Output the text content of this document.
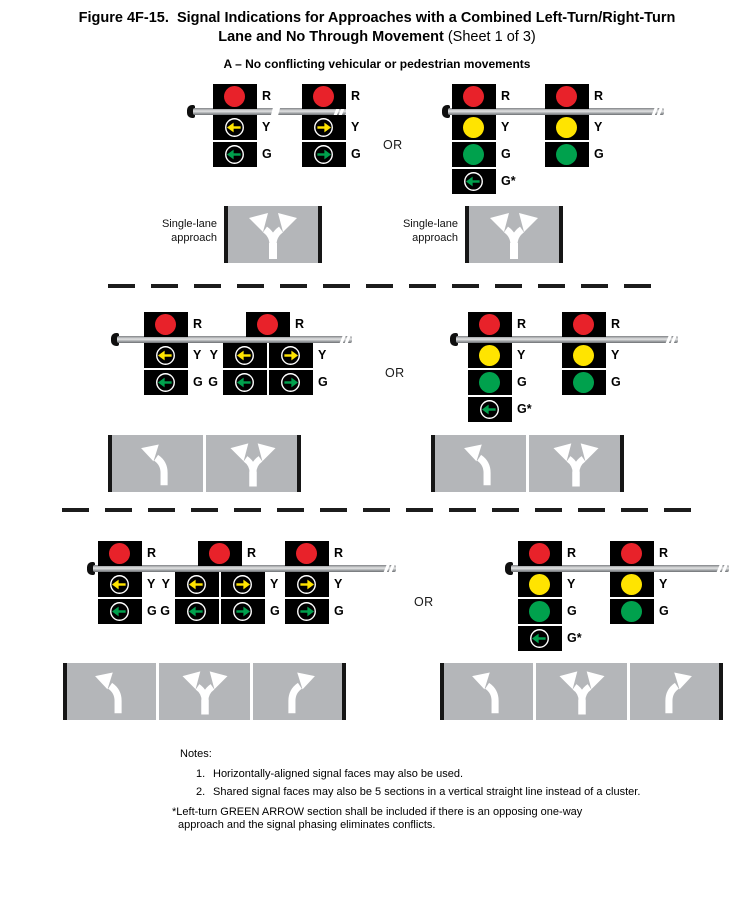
Figure 4F-15.  Signal Indications for Approaches with a Combined Left-Turn/Right-Turn
Lane and No Through Movement (Sheet 1 of 3)
A – No conflicting vehicular or pedestrian movements
OR
R
Y
G
R
Y
G
R
Y
G
G*
R
Y
G
Single-lane
approach
Single-lane
approach
OR
R
Y
G
R
Y	Y
G	G
R
Y
G
G*
R
Y
G
OR
R
Y
G
R
Y	Y
G	G
R
Y
G
R
Y
G
G*
R
Y
G
Notes:
1. Horizontally-aligned signal faces may also be used.
2. Shared signal faces may also be 5 sections in a vertical straight line instead of a cluster.
*Left-turn GREEN ARROW section shall be included if there is an opposing one-way
approach and the signal phasing eliminates conflicts.
